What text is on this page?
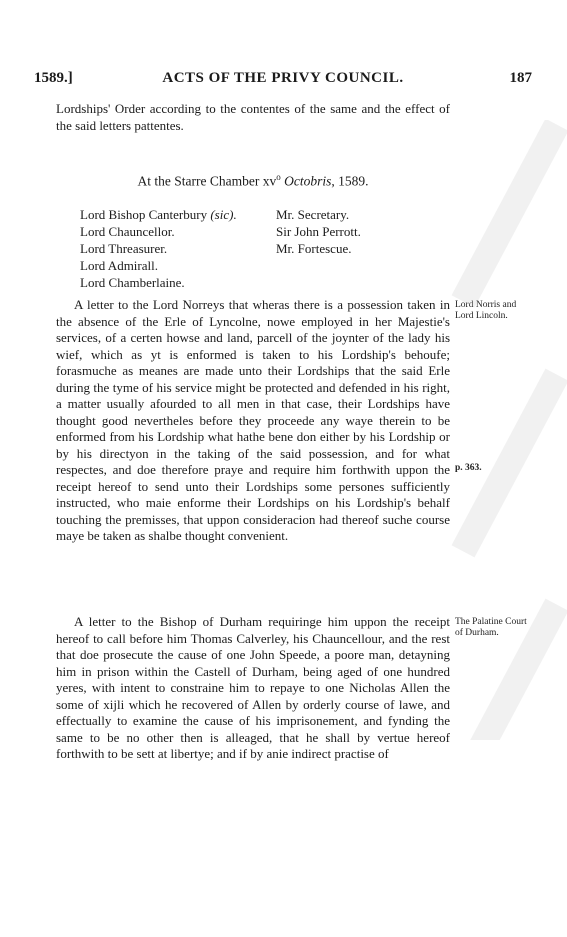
1589.]	ACTS OF THE PRIVY COUNCIL.	187

Lordships' Order according to the contentes of the same and the effect of the said letters pattentes.

At the Starre Chamber $xv^o$ Octobris, 1589.
Lord Bishop Canterbury (sic).
Lord Chauncellor.
Lord Threasurer.
Lord Admirall.
Lord Chamberlaine.
Mr. Secretary.
Sir John Perrott.
Mr. Fortescue.

A letter to the Lord Norreys that wheras there is a possession taken in the absence of the Erle of Lyncolne, nowe employed in her Majestie's services, of a certen howse and land, parcell of the joynter of the lady his wief, which as yt is enformed is taken to his Lordship's behoufe; forasmuche as meanes are made unto their Lordships that the said Erle during the tyme of his service might be protected and defended in his right, a matter usually afourded to all men in that case, their Lordships have thought good nevertheles before they proceede any waye therein to be enformed from his Lordship what hathe bene don either by his Lordship or by his directyon in the taking of the said possession, and for what respectes, and doe therefore praye and require him forthwith uppon the receipt hereof to send unto their Lordships some persones sufficiently instructed, who maie enforme their Lordships on his Lordship's behalf touching the premisses, that uppon consideracion had thereof suche course maye be taken as shalbe thought convenient.

A letter to the Bishop of Durham requiringe him uppon the receipt hereof to call before him Thomas Calverley, his Chauncellour, and the rest that doe prosecute the cause of one John Speede, a poore man, detayning him in prison within the Castell of Durham, being aged of one hundred yeres, with intent to constraine him to repaye to one Nicholas Allen the some of xijli which he recovered of Allen by orderly course of lawe, and effectually to examine the cause of his imprisonement, and fynding the same to be no other then is alleaged, that he shall by vertue hereof forthwith to be sett at libertye; and if by anie indirect practise of

Lord Norris and Lord Lincoln.
p. 363.
The Palatine Court of Durham.
